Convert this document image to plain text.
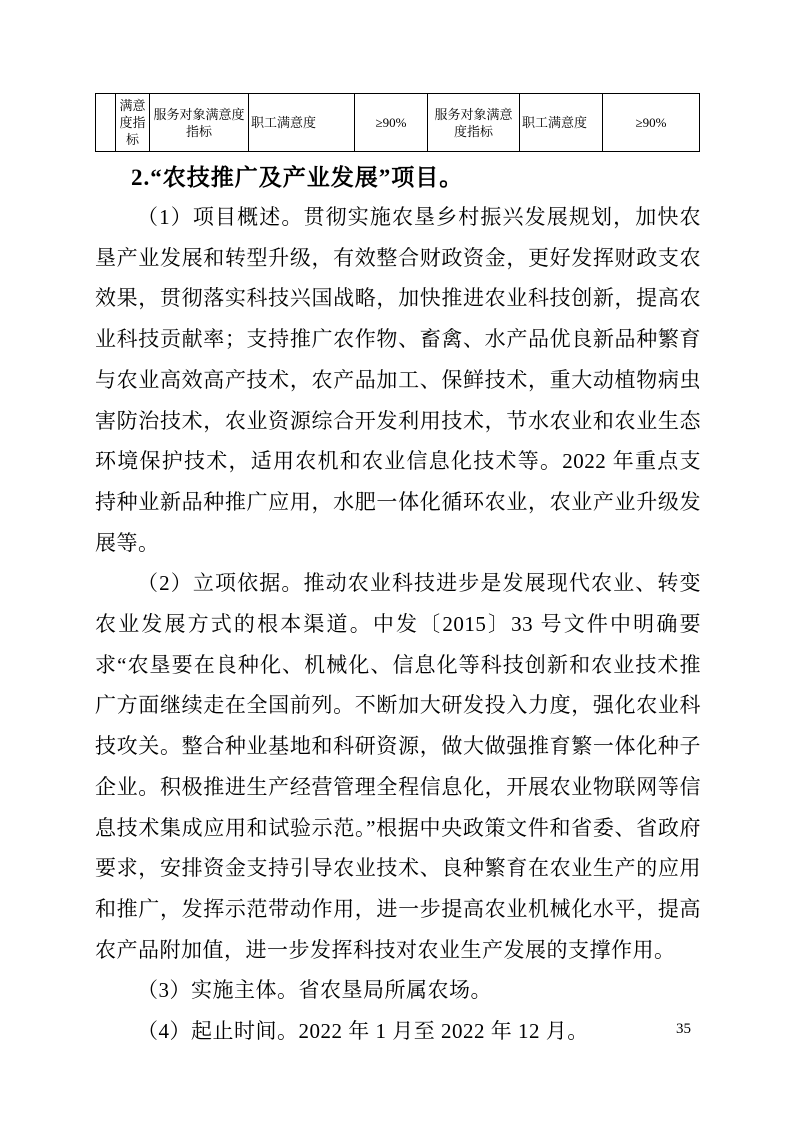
	满意度指标	服务对象满意度指标	职工满意度	≥90%	服务对象满意度指标	职工满意度	≥90%
2.“农技推广及产业发展”项目。

（1）项目概述。贯彻实施农垦乡村振兴发展规划，加快农垦产业发展和转型升级，有效整合财政资金，更好发挥财政支农效果，贯彻落实科技兴国战略，加快推进农业科技创新，提高农业科技贡献率；支持推广农作物、畜禽、水产品优良新品种繁育与农业高效高产技术，农产品加工、保鲜技术，重大动植物病虫害防治技术，农业资源综合开发利用技术，节水农业和农业生态环境保护技术，适用农机和农业信息化技术等。2022 年重点支持种业新品种推广应用，水肥一体化循环农业，农业产业升级发展等。

（2）立项依据。推动农业科技进步是发展现代农业、转变农业发展方式的根本渠道。中发〔2015〕33 号文件中明确要求“农垦要在良种化、机械化、信息化等科技创新和农业技术推广方面继续走在全国前列。不断加大研发投入力度，强化农业科技攻关。整合种业基地和科研资源，做大做强推育繁一体化种子企业。积极推进生产经营管理全程信息化，开展农业物联网等信息技术集成应用和试验示范。”根据中央政策文件和省委、省政府要求，安排资金支持引导农业技术、良种繁育在农业生产的应用和推广，发挥示范带动作用，进一步提高农业机械化水平，提高农产品附加值，进一步发挥科技对农业生产发展的支撑作用。

（3）实施主体。省农垦局所属农场。

（4）起止时间。2022 年 1 月至 2022 年 12 月。	35
